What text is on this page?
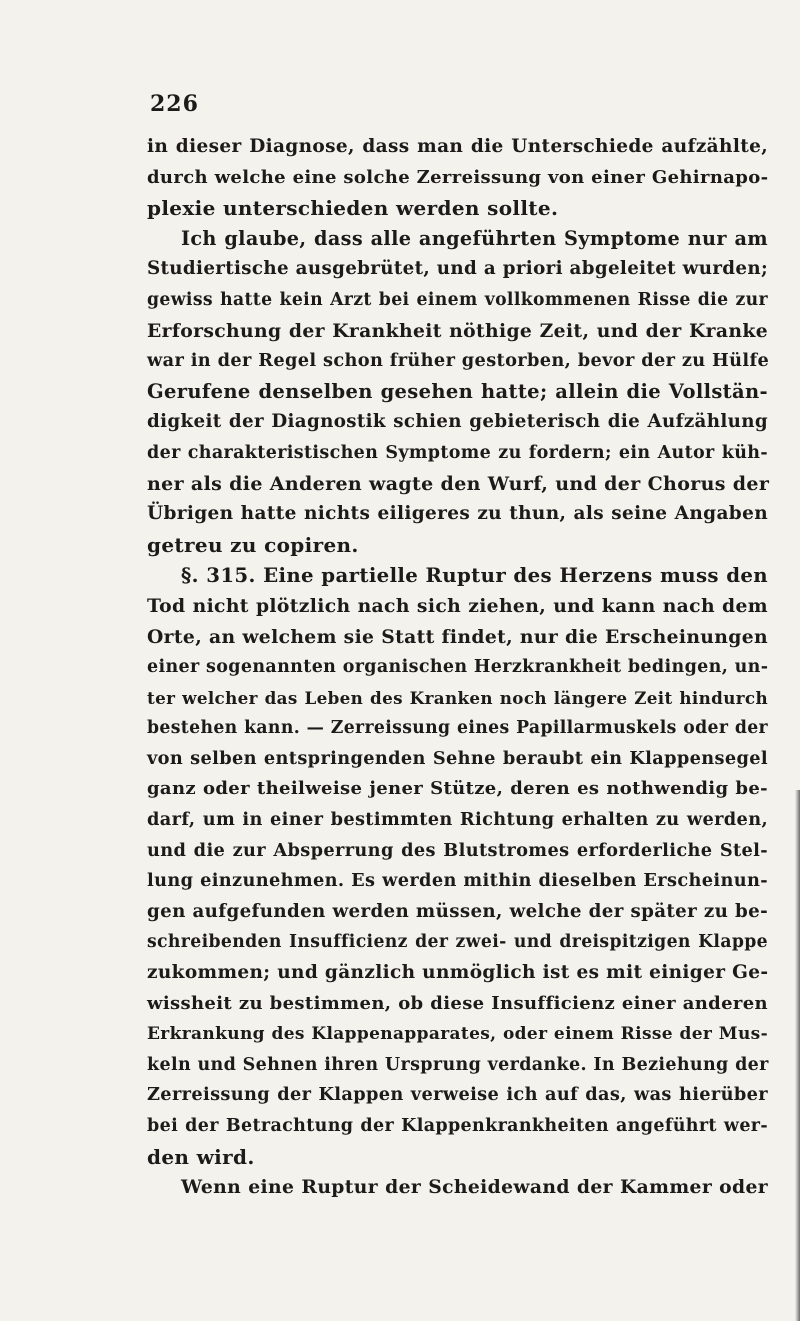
226
in dieser Diagnose, dass man die Unterschiede aufzählte,
durch welche eine solche Zerreissung von einer Gehirnapo-
plexie unterschieden werden sollte.
Ich glaube, dass alle angeführten Symptome nur am
Studiertische ausgebrütet, und a priori abgeleitet wurden;
gewiss hatte kein Arzt bei einem vollkommenen Risse die zur
Erforschung der Krankheit nöthige Zeit, und der Kranke
war in der Regel schon früher gestorben, bevor der zu Hülfe
Gerufene denselben gesehen hatte; allein die Vollstän-
digkeit der Diagnostik schien gebieterisch die Aufzählung
der charakteristischen Symptome zu fordern; ein Autor küh-
ner als die Anderen wagte den Wurf, und der Chorus der
Übrigen hatte nichts eiligeres zu thun, als seine Angaben
getreu zu copiren.
§. 315. Eine partielle Ruptur des Herzens muss den
Tod nicht plötzlich nach sich ziehen, und kann nach dem
Orte, an welchem sie Statt findet, nur die Erscheinungen
einer sogenannten organischen Herzkrankheit bedingen, un-
ter welcher das Leben des Kranken noch längere Zeit hindurch
bestehen kann. — Zerreissung eines Papillarmuskels oder der
von selben entspringenden Sehne beraubt ein Klappensegel
ganz oder theilweise jener Stütze, deren es nothwendig be-
darf, um in einer bestimmten Richtung erhalten zu werden,
und die zur Absperrung des Blutstromes erforderliche Stel-
lung einzunehmen. Es werden mithin dieselben Erscheinun-
gen aufgefunden werden müssen, welche der später zu be-
schreibenden Insufficienz der zwei- und dreispitzigen Klappe
zukommen; und gänzlich unmöglich ist es mit einiger Ge-
wissheit zu bestimmen, ob diese Insufficienz einer anderen
Erkrankung des Klappenapparates, oder einem Risse der Mus-
keln und Sehnen ihren Ursprung verdanke. In Beziehung der
Zerreissung der Klappen verweise ich auf das, was hierüber
bei der Betrachtung der Klappenkrankheiten angeführt wer-
den wird.
Wenn eine Ruptur der Scheidewand der Kammer oder
